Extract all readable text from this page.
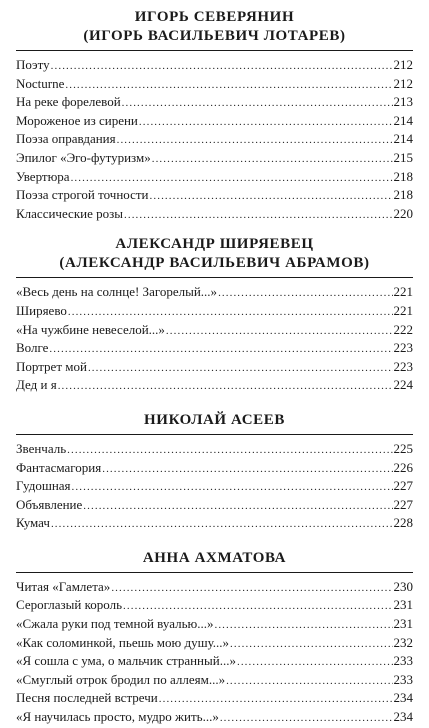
ИГОРЬ СЕВЕРЯНИН
(ИГОРЬ ВАСИЛЬЕВИЧ ЛОТАРЕВ)
Поэту .....	212
Nocturne .....	212
На реке форелевой .....	213
Мороженое из сирени .....	214
Поэза оправдания .....	214
Эпилог «Эго-футуризм» .....	215
Увертюра .....	218
Поэза строгой точности .....	218
Классические розы .....	220
АЛЕКСАНДР ШИРЯЕВЕЦ
(АЛЕКСАНДР ВАСИЛЬЕВИЧ АБРАМОВ)
«Весь день на солнце! Загорелый...» .....	221
Ширяево .....	221
«На чужбине невеселой...» .....	222
Волге .....	223
Портрет мой .....	223
Дед и я .....	224
НИКОЛАЙ АСЕЕВ
Звенчаль .....	225
Фантасмагория .....	226
Гудошная .....	227
Объявление .....	227
Кумач .....	228
АННА АХМАТОВА
Читая «Гамлета» .....	230
Сероглазый король .....	231
«Сжала руки под темной вуалью...» .....	231
«Как соломинкой, пьешь мою душу...» .....	232
«Я сошла с ума, о мальчик странный...» .....	233
«Смуглый отрок бродил по аллеям...» .....	233
Песня последней встречи .....	234
«Я научилась просто, мудро жить...» .....	234
